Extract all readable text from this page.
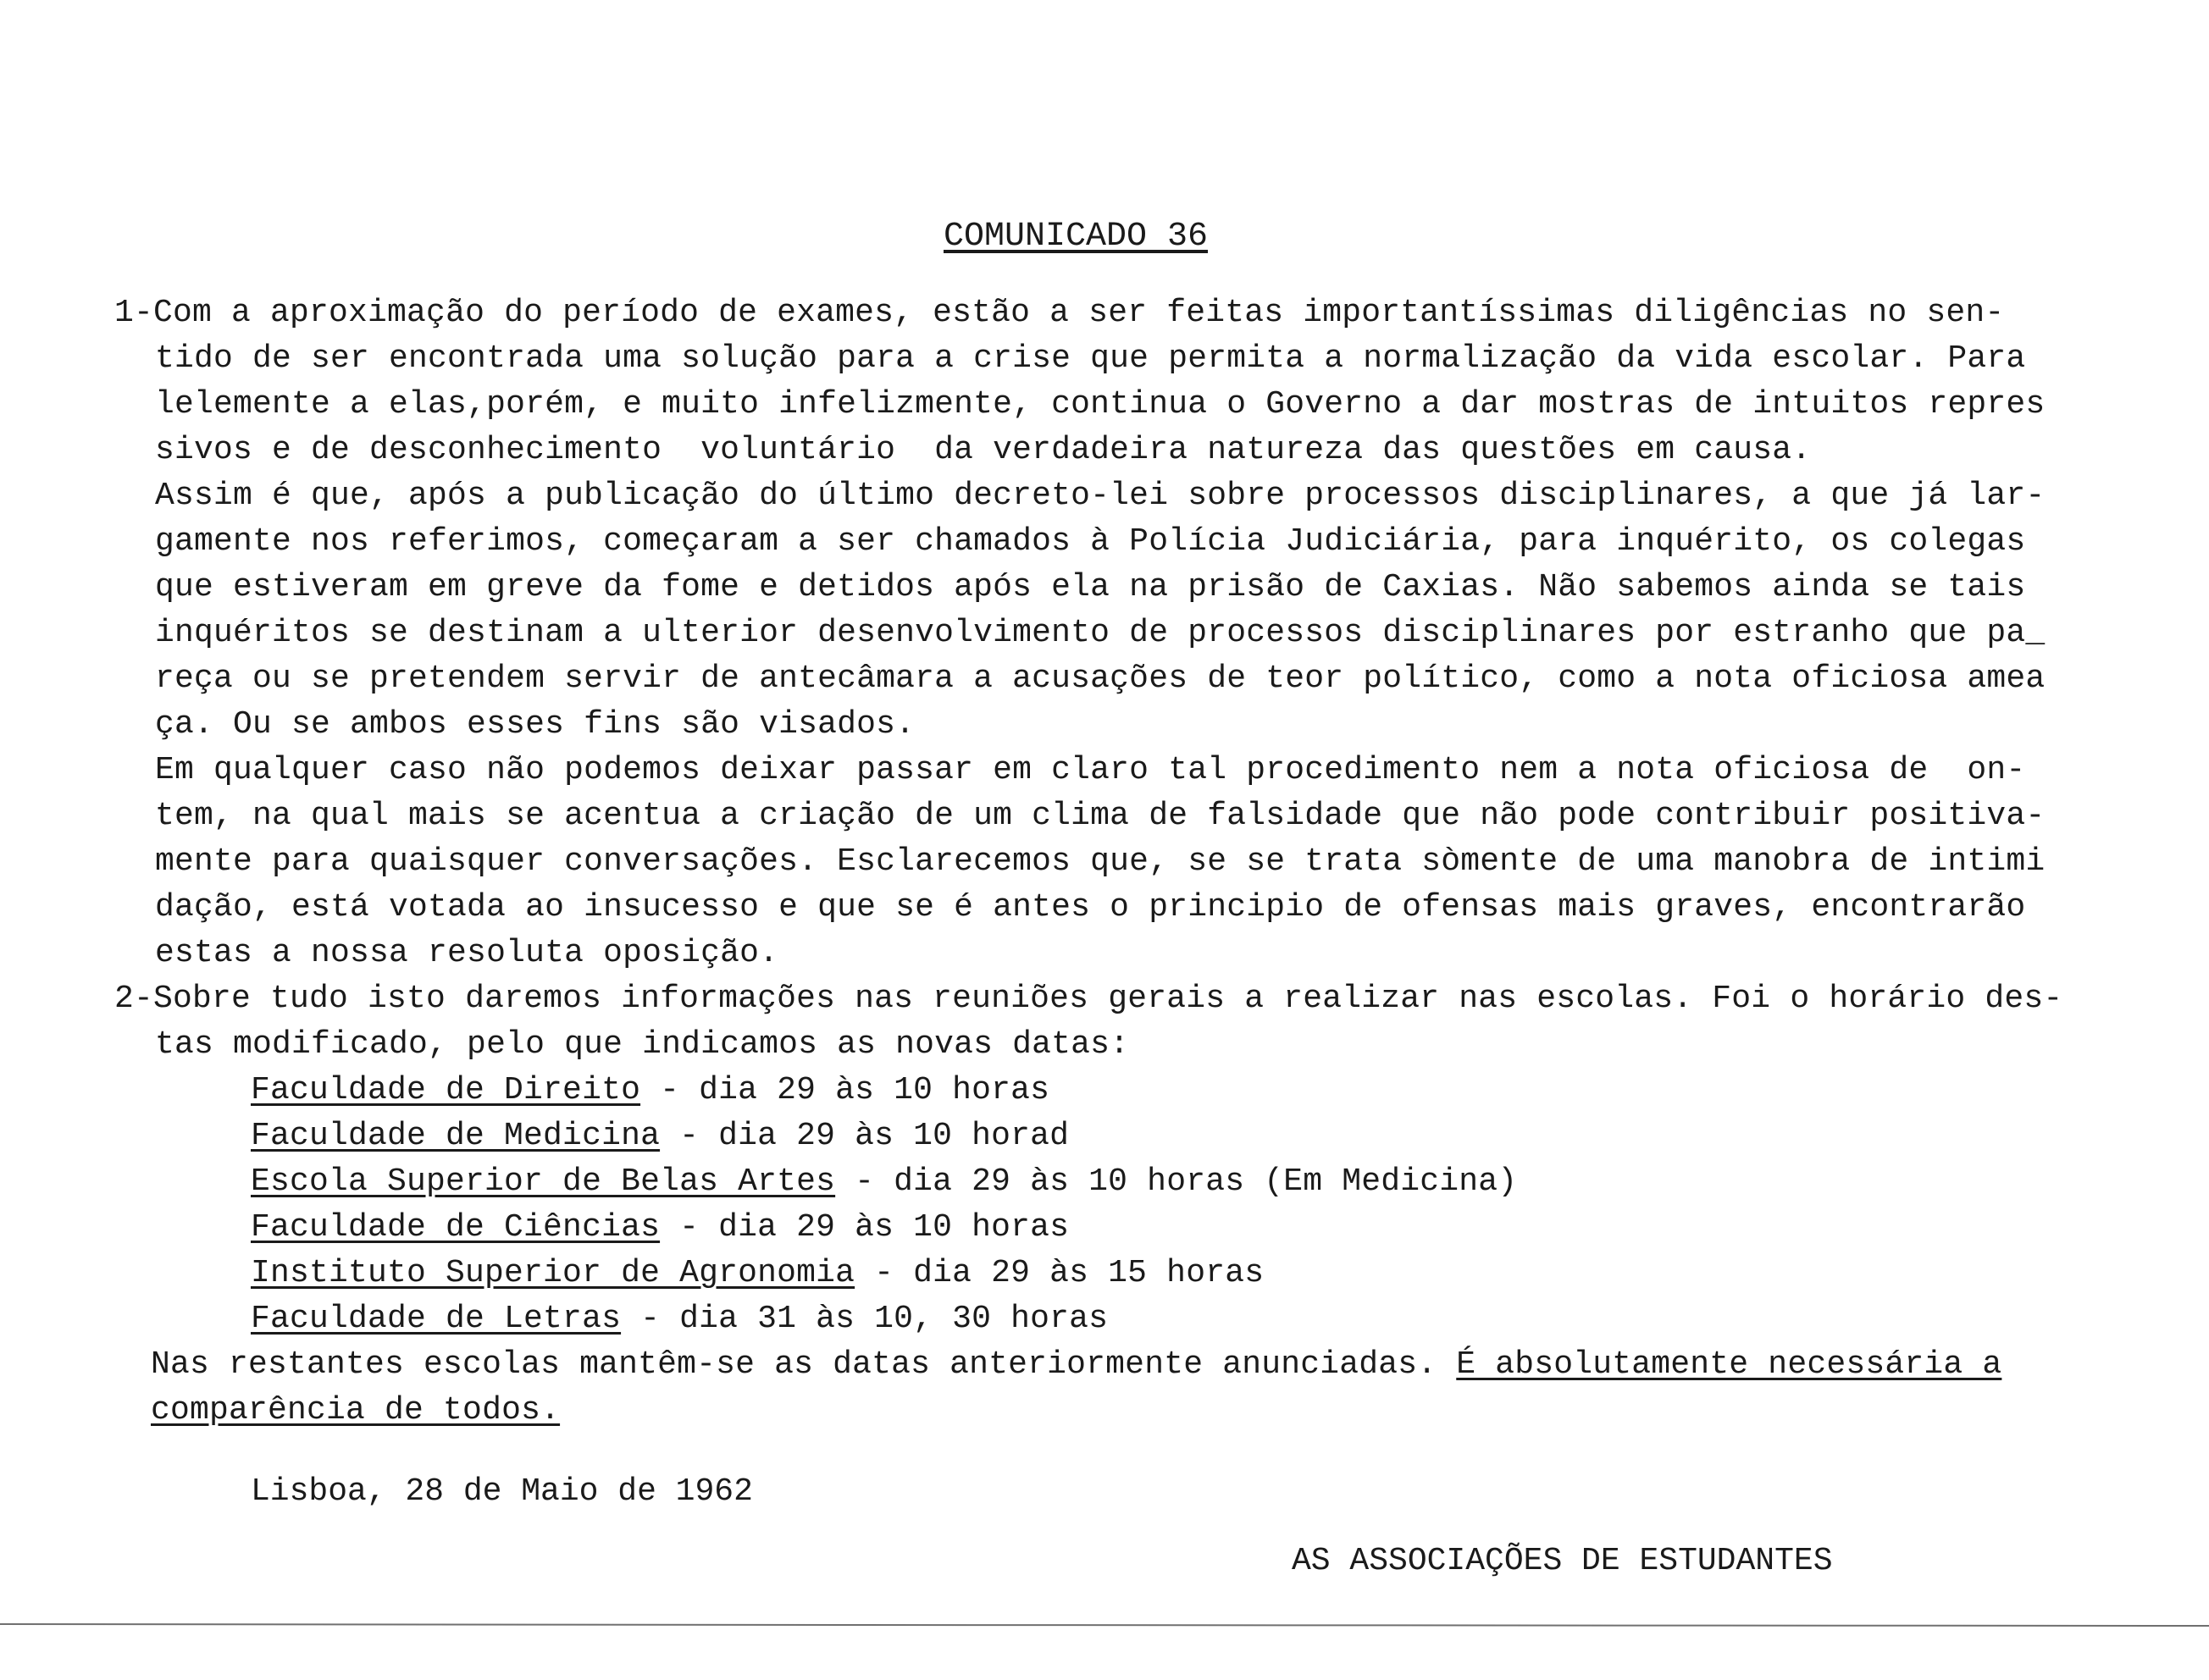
COMUNICADO 36
1-Com a aproximação do período de exames, estão a ser feitas importantíssimas diligências no sen-
tido de ser encontrada uma solução para a crise que permita a normalização da vida escolar. Para
lelemente a elas,porém, e muito infelizmente, continua o Governo a dar mostras de intuitos repres
sivos e de desconhecimento  voluntário  da verdadeira natureza das questões em causa.
Assim é que, após a publicação do último decreto-lei sobre processos disciplinares, a que já lar-
gamente nos referimos, começaram a ser chamados à Polícia Judiciária, para inquérito, os colegas
que estiveram em greve da fome e detidos após ela na prisão de Caxias. Não sabemos ainda se tais
inquéritos se destinam a ulterior desenvolvimento de processos disciplinares por estranho que pa_
reça ou se pretendem servir de antecâmara a acusações de teor político, como a nota oficiosa amea
ça. Ou se ambos esses fins são visados.
Em qualquer caso não podemos deixar passar em claro tal procedimento nem a nota oficiosa de  on-
tem, na qual mais se acentua a criação de um clima de falsidade que não pode contribuir positiva-
mente para quaisquer conversações. Esclarecemos que, se se trata sòmente de uma manobra de intimi
dação, está votada ao insucesso e que se é antes o principio de ofensas mais graves, encontrarão
estas a nossa resoluta oposição.
2-Sobre tudo isto daremos informações nas reuniões gerais a realizar nas escolas. Foi o horário des-
tas modificado, pelo que indicamos as novas datas:
Faculdade de Direito - dia 29 às 10 horas
Faculdade de Medicina - dia 29 às 10 horad
Escola Superior de Belas Artes - dia 29 às 10 horas (Em Medicina)
Faculdade de Ciências - dia 29 às 10 horas
Instituto Superior de Agronomia - dia 29 às 15 horas
Faculdade de Letras - dia 31 às 10, 30 horas
Nas restantes escolas mantêm-se as datas anteriormente anunciadas. É absolutamente necessária a
comparência de todos.
Lisboa, 28 de Maio de 1962
AS ASSOCIAÇÕES DE ESTUDANTES
